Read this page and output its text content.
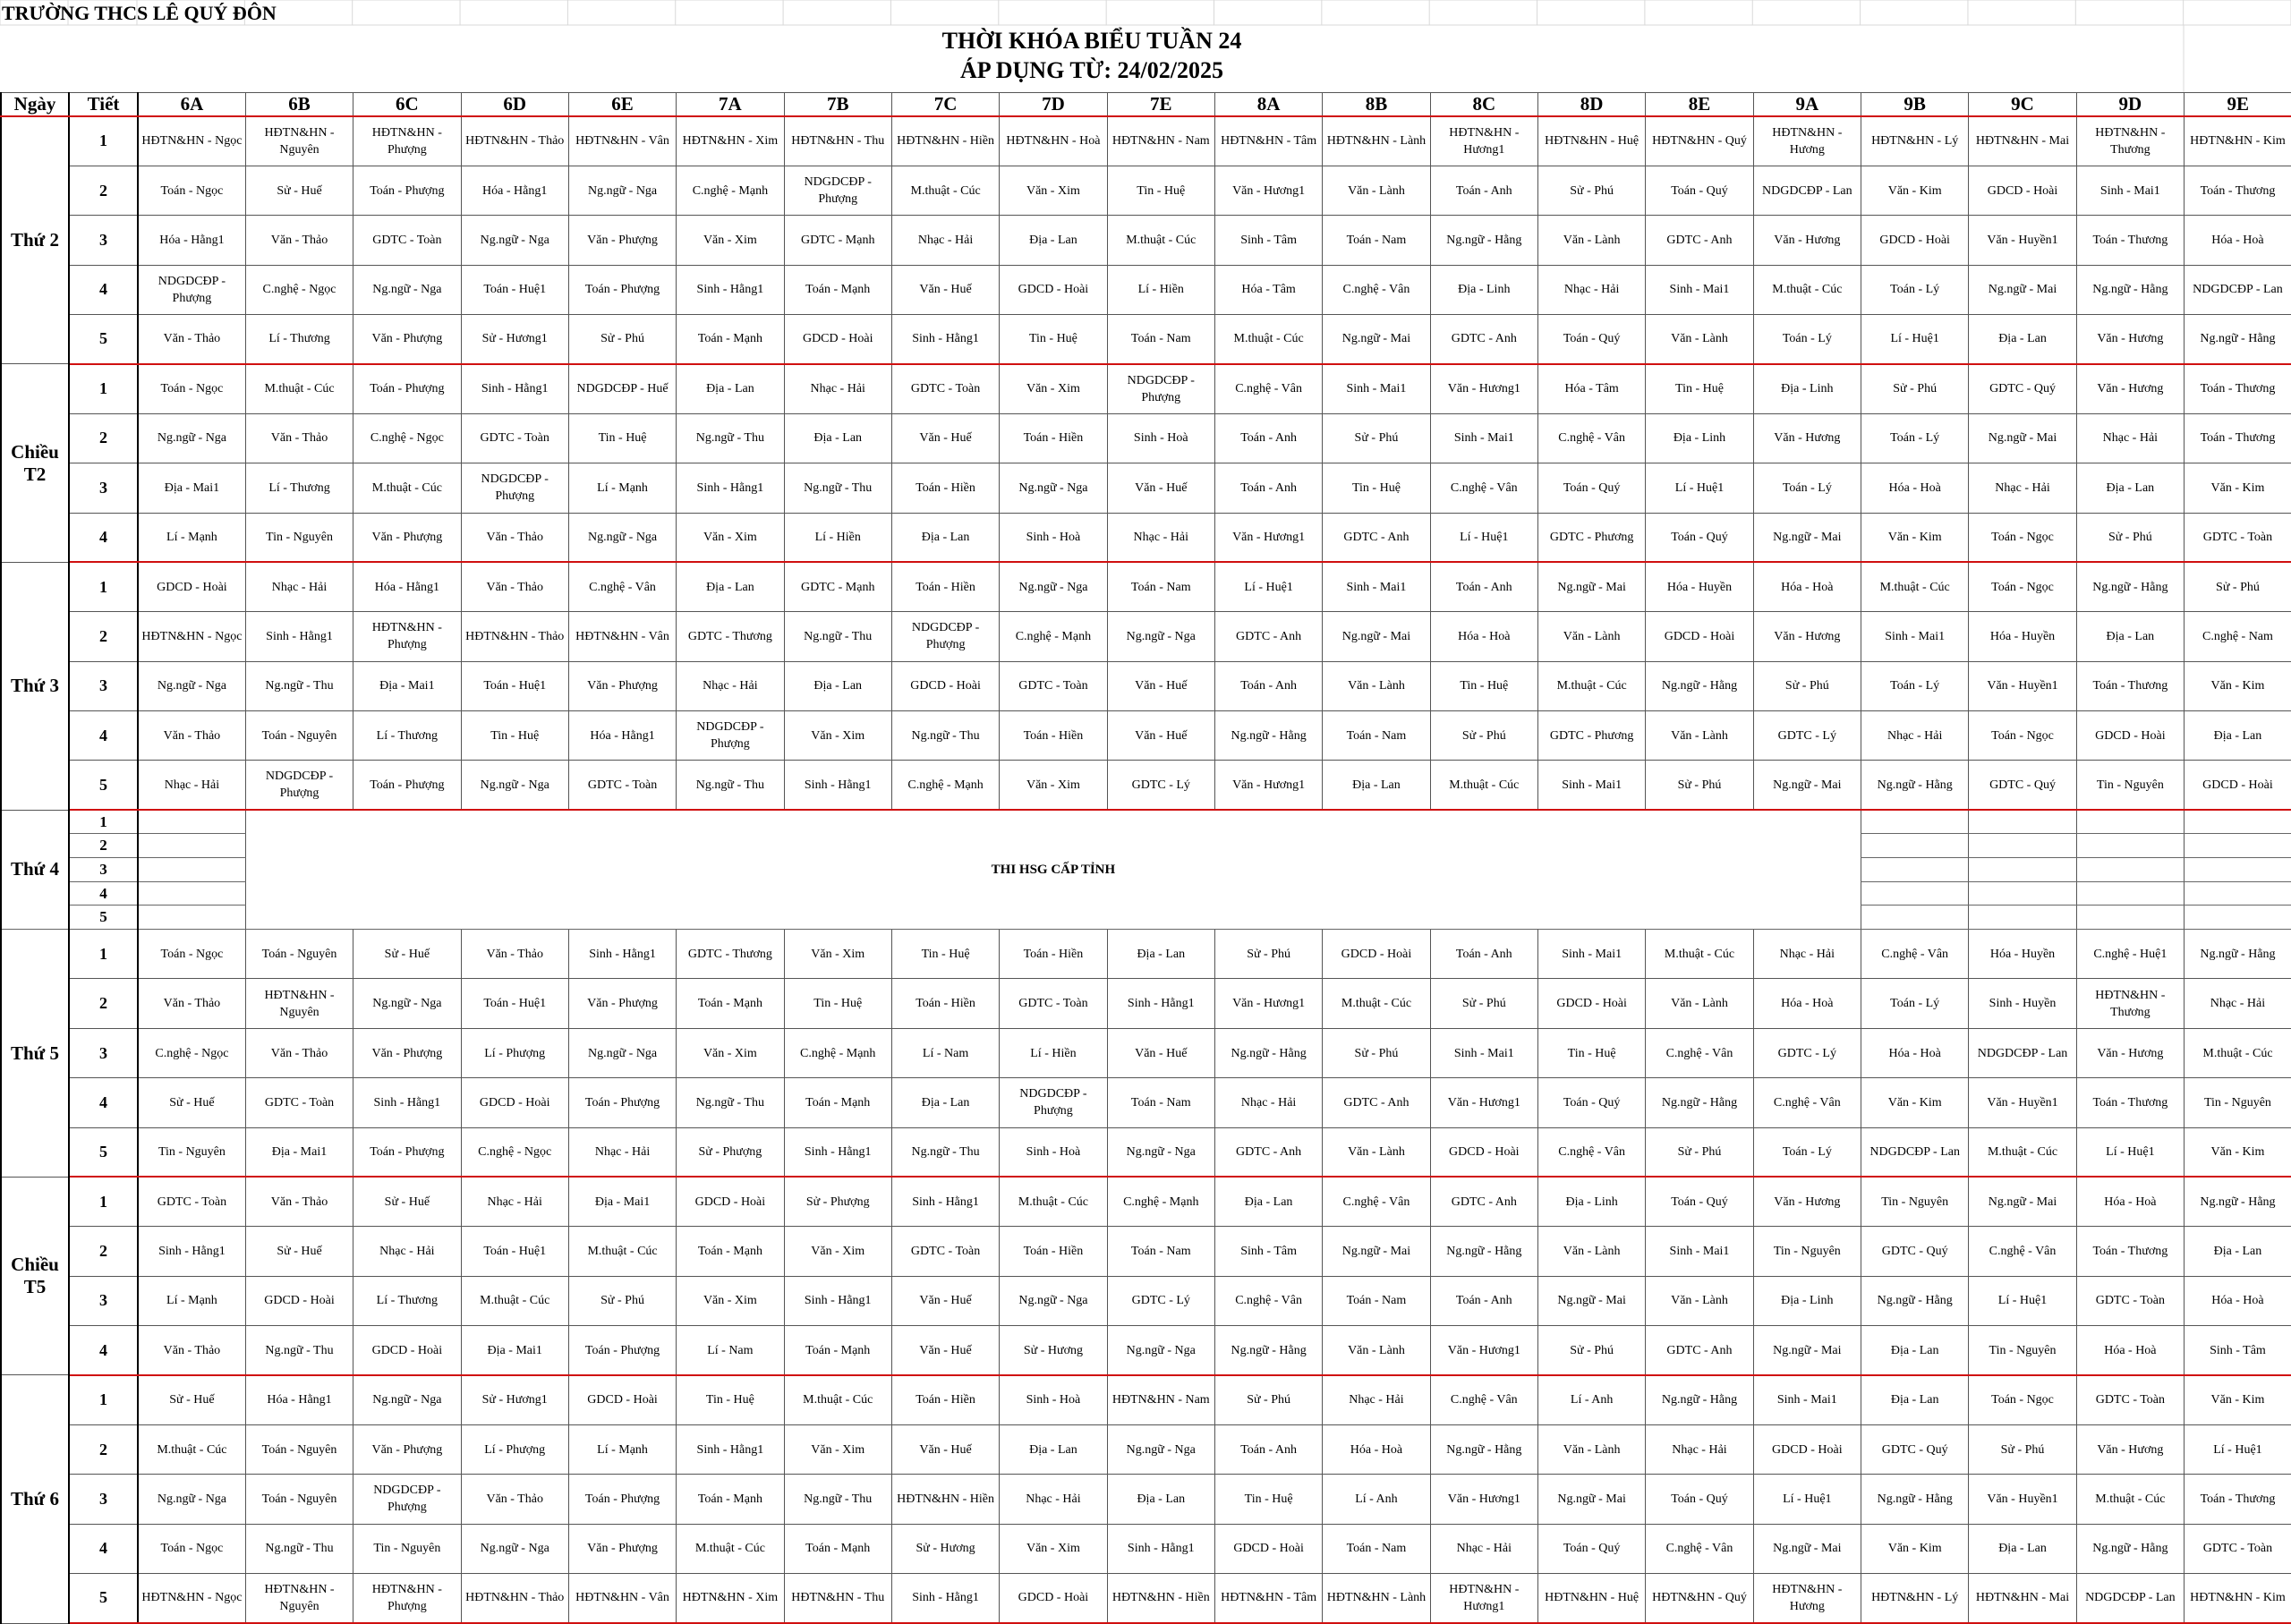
TRƯỜNG THCS LÊ QUÝ ĐÔN
THỜI KHÓA BIỂU TUẦN 24
ÁP DỤNG TỪ: 24/02/2025
Ngày	Tiết	6A	6B	6C	6D	6E	7A	7B	7C	7D	7E	8A	8B	8C	8D	8E	9A	9B	9C	9D	9E
Thứ 2	1	HĐTN&HN - Ngọc	HĐTN&HN - Nguyên	HĐTN&HN - Phượng	HĐTN&HN - Thảo	HĐTN&HN - Vân	HĐTN&HN - Xim	HĐTN&HN - Thu	HĐTN&HN - Hiền	HĐTN&HN - Hoà	HĐTN&HN - Nam	HĐTN&HN - Tâm	HĐTN&HN - Lành	HĐTN&HN - Hương1	HĐTN&HN - Huệ	HĐTN&HN - Quý	HĐTN&HN - Hương	HĐTN&HN - Lý	HĐTN&HN - Mai	HĐTN&HN - Thương	HĐTN&HN - Kim
	2	Toán - Ngọc	Sử - Huế	Toán - Phượng	Hóa - Hằng1	Ng.ngữ - Nga	C.nghệ - Mạnh	NDGDCĐP - Phượng	M.thuật - Cúc	Văn - Xim	Tin - Huệ	Văn - Hương1	Văn - Lành	Toán - Anh	Sử - Phú	Toán - Quý	NDGDCĐP - Lan	Văn - Kim	GDCD - Hoài	Sinh - Mai1	Toán - Thương
	3	Hóa - Hằng1	Văn - Thảo	GDTC - Toàn	Ng.ngữ - Nga	Văn - Phượng	Văn - Xim	GDTC - Mạnh	Nhạc - Hải	Địa - Lan	M.thuật - Cúc	Sinh - Tâm	Toán - Nam	Ng.ngữ - Hằng	Văn - Lành	GDTC - Anh	Văn - Hương	GDCD - Hoài	Văn - Huyền1	Toán - Thương	Hóa - Hoà
	4	NDGDCĐP - Phượng	C.nghệ - Ngọc	Ng.ngữ - Nga	Toán - Huệ1	Toán - Phượng	Sinh - Hằng1	Toán - Mạnh	Văn - Huế	GDCD - Hoài	Lí - Hiền	Hóa - Tâm	C.nghệ - Vân	Địa - Linh	Nhạc - Hải	Sinh - Mai1	M.thuật - Cúc	Toán - Lý	Ng.ngữ - Mai	Ng.ngữ - Hằng	NDGDCĐP - Lan
	5	Văn - Thảo	Lí - Thương	Văn - Phượng	Sử - Hương1	Sử - Phú	Toán - Mạnh	GDCD - Hoài	Sinh - Hằng1	Tin - Huệ	Toán - Nam	M.thuật - Cúc	Ng.ngữ - Mai	GDTC - Anh	Toán - Quý	Văn - Lành	Toán - Lý	Lí - Huệ1	Địa - Lan	Văn - Hương	Ng.ngữ - Hằng
Chiều T2	1	Toán - Ngọc	M.thuật - Cúc	Toán - Phượng	Sinh - Hằng1	NDGDCĐP - Huế	Địa - Lan	Nhạc - Hải	GDTC - Toàn	Văn - Xim	NDGDCĐP - Phượng	C.nghệ - Vân	Sinh - Mai1	Văn - Hương1	Hóa - Tâm	Tin - Huệ	Địa - Linh	Sử - Phú	GDTC - Quý	Văn - Hương	Toán - Thương
	2	Ng.ngữ - Nga	Văn - Thảo	C.nghệ - Ngọc	GDTC - Toàn	Tin - Huệ	Ng.ngữ - Thu	Địa - Lan	Văn - Huế	Toán - Hiền	Sinh - Hoà	Toán - Anh	Sử - Phú	Sinh - Mai1	C.nghệ - Vân	Địa - Linh	Văn - Hương	Toán - Lý	Ng.ngữ - Mai	Nhạc - Hải	Toán - Thương
	3	Địa - Mai1	Lí - Thương	M.thuật - Cúc	NDGDCĐP - Phượng	Lí - Mạnh	Sinh - Hằng1	Ng.ngữ - Thu	Toán - Hiền	Ng.ngữ - Nga	Văn - Huế	Toán - Anh	Tin - Huệ	C.nghệ - Vân	Toán - Quý	Lí - Huệ1	Toán - Lý	Hóa - Hoà	Nhạc - Hải	Địa - Lan	Văn - Kim
	4	Lí - Mạnh	Tin - Nguyên	Văn - Phượng	Văn - Thảo	Ng.ngữ - Nga	Văn - Xim	Lí - Hiền	Địa - Lan	Sinh - Hoà	Nhạc - Hải	Văn - Hương1	GDTC - Anh	Lí - Huệ1	GDTC - Phương	Toán - Quý	Ng.ngữ - Mai	Văn - Kim	Toán - Ngọc	Sử - Phú	GDTC - Toàn
Thứ 3	1	GDCD - Hoài	Nhạc - Hải	Hóa - Hằng1	Văn - Thảo	C.nghệ - Vân	Địa - Lan	GDTC - Mạnh	Toán - Hiền	Ng.ngữ - Nga	Toán - Nam	Lí - Huệ1	Sinh - Mai1	Toán - Anh	Ng.ngữ - Mai	Hóa - Huyền	Hóa - Hoà	M.thuật - Cúc	Toán - Ngọc	Ng.ngữ - Hằng	Sử - Phú
	2	HĐTN&HN - Ngọc	Sinh - Hằng1	HĐTN&HN - Phượng	HĐTN&HN - Thảo	HĐTN&HN - Vân	GDTC - Thương	Ng.ngữ - Thu	NDGDCĐP - Phượng	C.nghệ - Mạnh	Ng.ngữ - Nga	GDTC - Anh	Ng.ngữ - Mai	Hóa - Hoà	Văn - Lành	GDCD - Hoài	Văn - Hương	Sinh - Mai1	Hóa - Huyền	Địa - Lan	C.nghệ - Nam
	3	Ng.ngữ - Nga	Ng.ngữ - Thu	Địa - Mai1	Toán - Huệ1	Văn - Phượng	Nhạc - Hải	Địa - Lan	GDCD - Hoài	GDTC - Toàn	Văn - Huế	Toán - Anh	Văn - Lành	Tin - Huệ	M.thuật - Cúc	Ng.ngữ - Hằng	Sử - Phú	Toán - Lý	Văn - Huyền1	Toán - Thương	Văn - Kim
	4	Văn - Thảo	Toán - Nguyên	Lí - Thương	Tin - Huệ	Hóa - Hằng1	NDGDCĐP - Phượng	Văn - Xim	Ng.ngữ - Thu	Toán - Hiền	Văn - Huế	Ng.ngữ - Hằng	Toán - Nam	Sử - Phú	GDTC - Phương	Văn - Lành	GDTC - Lý	Nhạc - Hải	Toán - Ngọc	GDCD - Hoài	Địa - Lan
	5	Nhạc - Hải	NDGDCĐP - Phượng	Toán - Phượng	Ng.ngữ - Nga	GDTC - Toàn	Ng.ngữ - Thu	Sinh - Hằng1	C.nghệ - Mạnh	Văn - Xim	GDTC - Lý	Văn - Hương1	Địa - Lan	M.thuật - Cúc	Sinh - Mai1	Sử - Phú	Ng.ngữ - Mai	Ng.ngữ - Hằng	GDTC - Quý	Tin - Nguyên	GDCD - Hoài
Thứ 4	1		THI HSG CẤP TỈNH																		
	2																				
	3																				
	4																				
	5																				
Thứ 5	1	Toán - Ngọc	Toán - Nguyên	Sử - Huế	Văn - Thảo	Sinh - Hằng1	GDTC - Thương	Văn - Xim	Tin - Huệ	Toán - Hiền	Địa - Lan	Sử - Phú	GDCD - Hoài	Toán - Anh	Sinh - Mai1	M.thuật - Cúc	Nhạc - Hải	C.nghệ - Vân	Hóa - Huyền	C.nghệ - Huệ1	Ng.ngữ - Hằng
	2	Văn - Thảo	HĐTN&HN - Nguyên	Ng.ngữ - Nga	Toán - Huệ1	Văn - Phượng	Toán - Mạnh	Tin - Huệ	Toán - Hiền	GDTC - Toàn	Sinh - Hằng1	Văn - Hương1	M.thuật - Cúc	Sử - Phú	GDCD - Hoài	Văn - Lành	Hóa - Hoà	Toán - Lý	Sinh - Huyền	HĐTN&HN - Thương	Nhạc - Hải
	3	C.nghệ - Ngọc	Văn - Thảo	Văn - Phượng	Lí - Phượng	Ng.ngữ - Nga	Văn - Xim	C.nghệ - Mạnh	Lí - Nam	Lí - Hiền	Văn - Huế	Ng.ngữ - Hằng	Sử - Phú	Sinh - Mai1	Tin - Huệ	C.nghệ - Vân	GDTC - Lý	Hóa - Hoà	NDGDCĐP - Lan	Văn - Hương	M.thuật - Cúc
	4	Sử - Huế	GDTC - Toàn	Sinh - Hằng1	GDCD - Hoài	Toán - Phượng	Ng.ngữ - Thu	Toán - Mạnh	Địa - Lan	NDGDCĐP - Phượng	Toán - Nam	Nhạc - Hải	GDTC - Anh	Văn - Hương1	Toán - Quý	Ng.ngữ - Hằng	C.nghệ - Vân	Văn - Kim	Văn - Huyền1	Toán - Thương	Tin - Nguyên
	5	Tin - Nguyên	Địa - Mai1	Toán - Phượng	C.nghệ - Ngọc	Nhạc - Hải	Sử - Phượng	Sinh - Hằng1	Ng.ngữ - Thu	Sinh - Hoà	Ng.ngữ - Nga	GDTC - Anh	Văn - Lành	GDCD - Hoài	C.nghệ - Vân	Sử - Phú	Toán - Lý	NDGDCĐP - Lan	M.thuật - Cúc	Lí - Huệ1	Văn - Kim
Chiều T5	1	GDTC - Toàn	Văn - Thảo	Sử - Huế	Nhạc - Hải	Địa - Mai1	GDCD - Hoài	Sử - Phượng	Sinh - Hằng1	M.thuật - Cúc	C.nghệ - Mạnh	Địa - Lan	C.nghệ - Vân	GDTC - Anh	Địa - Linh	Toán - Quý	Văn - Hương	Tin - Nguyên	Ng.ngữ - Mai	Hóa - Hoà	Ng.ngữ - Hằng
	2	Sinh - Hằng1	Sử - Huế	Nhạc - Hải	Toán - Huệ1	M.thuật - Cúc	Toán - Mạnh	Văn - Xim	GDTC - Toàn	Toán - Hiền	Toán - Nam	Sinh - Tâm	Ng.ngữ - Mai	Ng.ngữ - Hằng	Văn - Lành	Sinh - Mai1	Tin - Nguyên	GDTC - Quý	C.nghệ - Vân	Toán - Thương	Địa - Lan
	3	Lí - Mạnh	GDCD - Hoài	Lí - Thương	M.thuật - Cúc	Sử - Phú	Văn - Xim	Sinh - Hằng1	Văn - Huế	Ng.ngữ - Nga	GDTC - Lý	C.nghệ - Vân	Toán - Nam	Toán - Anh	Ng.ngữ - Mai	Văn - Lành	Địa - Linh	Ng.ngữ - Hằng	Lí - Huệ1	GDTC - Toàn	Hóa - Hoà
	4	Văn - Thảo	Ng.ngữ - Thu	GDCD - Hoài	Địa - Mai1	Toán - Phượng	Lí - Nam	Toán - Mạnh	Văn - Huế	Sử - Hương	Ng.ngữ - Nga	Ng.ngữ - Hằng	Văn - Lành	Văn - Hương1	Sử - Phú	GDTC - Anh	Ng.ngữ - Mai	Địa - Lan	Tin - Nguyên	Hóa - Hoà	Sinh - Tâm
Thứ 6	1	Sử - Huế	Hóa - Hằng1	Ng.ngữ - Nga	Sử - Hương1	GDCD - Hoài	Tin - Huệ	M.thuật - Cúc	Toán - Hiền	Sinh - Hoà	HĐTN&HN - Nam	Sử - Phú	Nhạc - Hải	C.nghệ - Vân	Lí - Anh	Ng.ngữ - Hằng	Sinh - Mai1	Địa - Lan	Toán - Ngọc	GDTC - Toàn	Văn - Kim
	2	M.thuật - Cúc	Toán - Nguyên	Văn - Phượng	Lí - Phượng	Lí - Mạnh	Sinh - Hằng1	Văn - Xim	Văn - Huế	Địa - Lan	Ng.ngữ - Nga	Toán - Anh	Hóa - Hoà	Ng.ngữ - Hằng	Văn - Lành	Nhạc - Hải	GDCD - Hoài	GDTC - Quý	Sử - Phú	Văn - Hương	Lí - Huệ1
	3	Ng.ngữ - Nga	Toán - Nguyên	NDGDCĐP - Phượng	Văn - Thảo	Toán - Phượng	Toán - Mạnh	Ng.ngữ - Thu	HĐTN&HN - Hiền	Nhạc - Hải	Địa - Lan	Tin - Huệ	Lí - Anh	Văn - Hương1	Ng.ngữ - Mai	Toán - Quý	Lí - Huệ1	Ng.ngữ - Hằng	Văn - Huyền1	M.thuật - Cúc	Toán - Thương
	4	Toán - Ngọc	Ng.ngữ - Thu	Tin - Nguyên	Ng.ngữ - Nga	Văn - Phượng	M.thuật - Cúc	Toán - Mạnh	Sử - Hương	Văn - Xim	Sinh - Hằng1	GDCD - Hoài	Toán - Nam	Nhạc - Hải	Toán - Quý	C.nghệ - Vân	Ng.ngữ - Mai	Văn - Kim	Địa - Lan	Ng.ngữ - Hằng	GDTC - Toàn
	5	HĐTN&HN - Ngọc	HĐTN&HN - Nguyên	HĐTN&HN - Phượng	HĐTN&HN - Thảo	HĐTN&HN - Vân	HĐTN&HN - Xim	HĐTN&HN - Thu	Sinh - Hằng1	GDCD - Hoài	HĐTN&HN - Hiền	HĐTN&HN - Tâm	HĐTN&HN - Lành	HĐTN&HN - Hương1	HĐTN&HN - Huệ	HĐTN&HN - Quý	HĐTN&HN - Hương	HĐTN&HN - Lý	HĐTN&HN - Mai	NDGDCĐP - Lan	HĐTN&HN - Kim
